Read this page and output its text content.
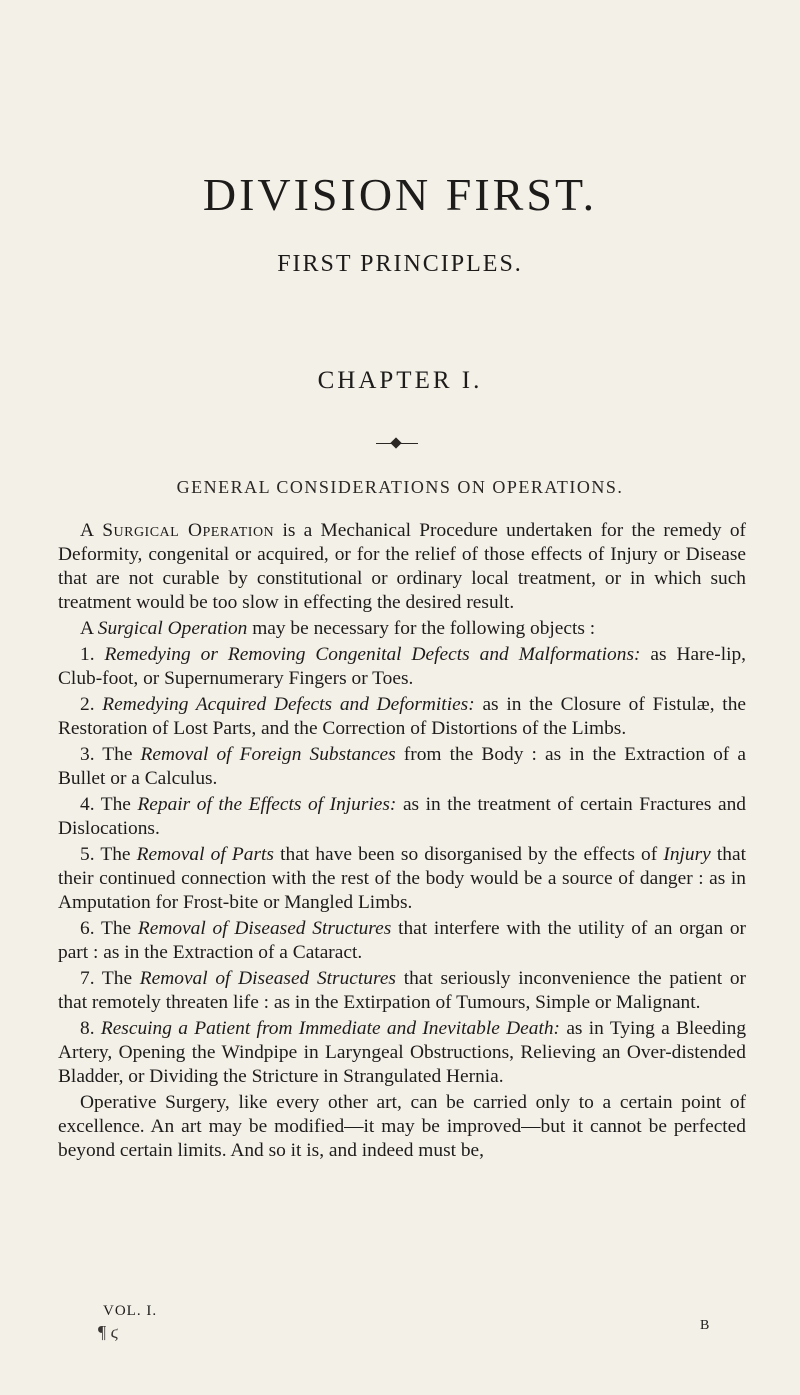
DIVISION FIRST.
FIRST PRINCIPLES.
CHAPTER I.
GENERAL CONSIDERATIONS ON OPERATIONS.

A Surgical Operation is a Mechanical Procedure undertaken for the remedy of Deformity, congenital or acquired, or for the relief of those effects of Injury or Disease that are not curable by constitutional or ordinary local treatment, or in which such treatment would be too slow in effecting the desired result.

A Surgical Operation may be necessary for the following objects :

1. Remedying or Removing Congenital Defects and Malformations: as Hare-lip, Club-foot, or Supernumerary Fingers or Toes.

2. Remedying Acquired Defects and Deformities: as in the Closure of Fistulæ, the Restoration of Lost Parts, and the Correction of Distortions of the Limbs.

3. The Removal of Foreign Substances from the Body : as in the Extraction of a Bullet or a Calculus.

4. The Repair of the Effects of Injuries: as in the treatment of certain Fractures and Dislocations.

5. The Removal of Parts that have been so disorganised by the effects of Injury that their continued connection with the rest of the body would be a source of danger : as in Amputation for Frost-bite or Mangled Limbs.

6. The Removal of Diseased Structures that interfere with the utility of an organ or part : as in the Extraction of a Cataract.

7. The Removal of Diseased Structures that seriously inconvenience the patient or that remotely threaten life : as in the Extirpation of Tumours, Simple or Malignant.

8. Rescuing a Patient from Immediate and Inevitable Death: as in Tying a Bleeding Artery, Opening the Windpipe in Laryngeal Obstructions, Relieving an Over-distended Bladder, or Dividing the Stricture in Strangulated Hernia.

Operative Surgery, like every other art, can be carried only to a certain point of excellence. An art may be modified—it may be improved—but it cannot be perfected beyond certain limits. And so it is, and indeed must be,

VOL. I.
B
¶ ϛ
